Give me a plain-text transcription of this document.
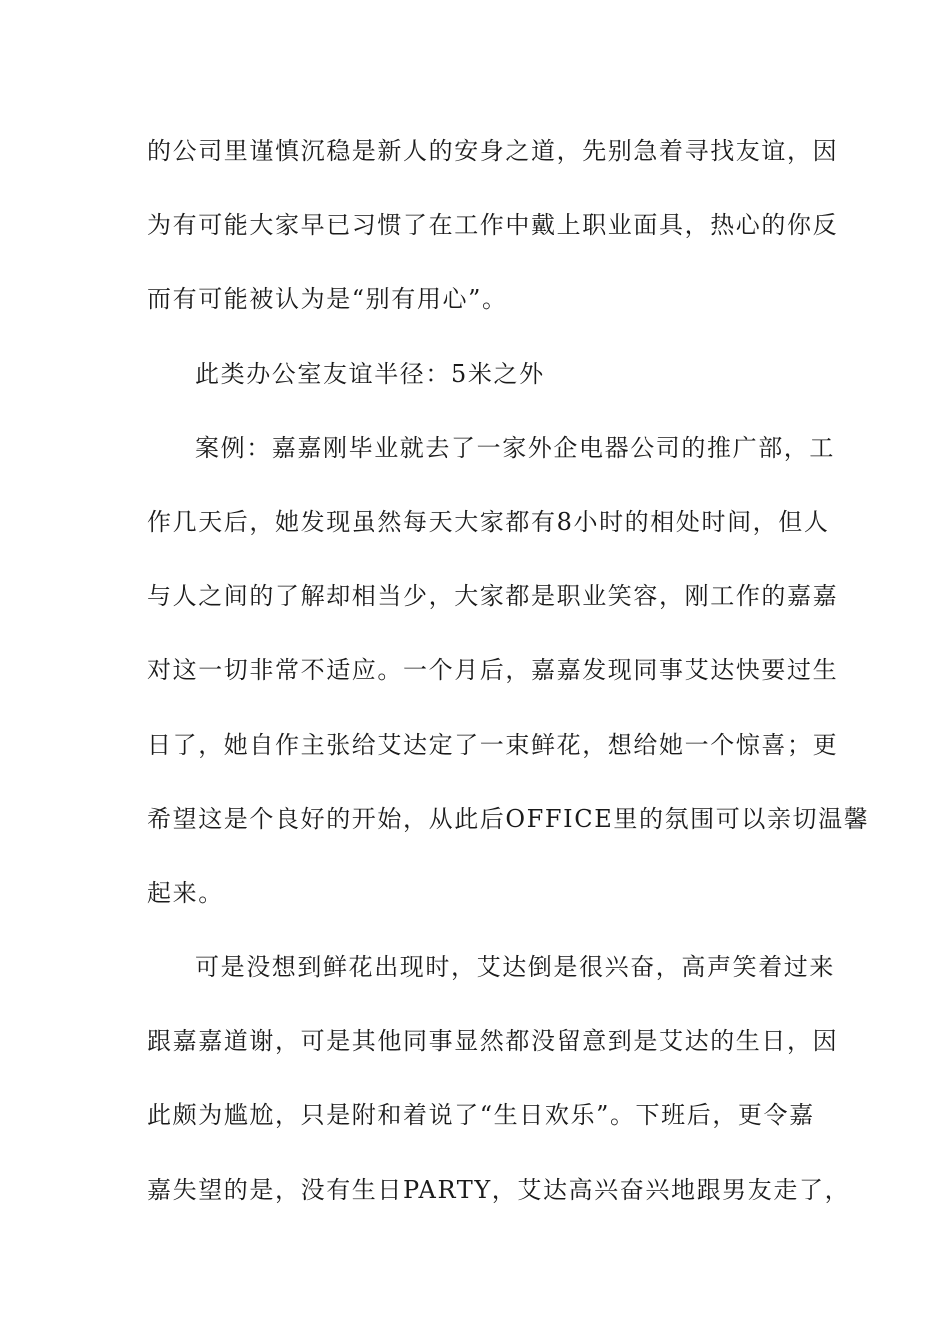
的公司里谨慎沉稳是新人的安身之道，先别急着寻找友谊，因
为有可能大家早已习惯了在工作中戴上职业面具，热心的你反
而有可能被认为是“别有用心”。
此类办公室友谊半径：5米之外
案例：嘉嘉刚毕业就去了一家外企电器公司的推广部，工
作几天后，她发现虽然每天大家都有8小时的相处时间，但人
与人之间的了解却相当少，大家都是职业笑容，刚工作的嘉嘉
对这一切非常不适应。一个月后，嘉嘉发现同事艾达快要过生
日了，她自作主张给艾达定了一束鲜花，想给她一个惊喜；更
希望这是个良好的开始，从此后OFFICE里的氛围可以亲切温馨
起来。
可是没想到鲜花出现时，艾达倒是很兴奋，高声笑着过来
跟嘉嘉道谢，可是其他同事显然都没留意到是艾达的生日，因
此颇为尴尬，只是附和着说了“生日欢乐”。下班后，更令嘉
嘉失望的是，没有生日PARTY，艾达高兴奋兴地跟男友走了，
